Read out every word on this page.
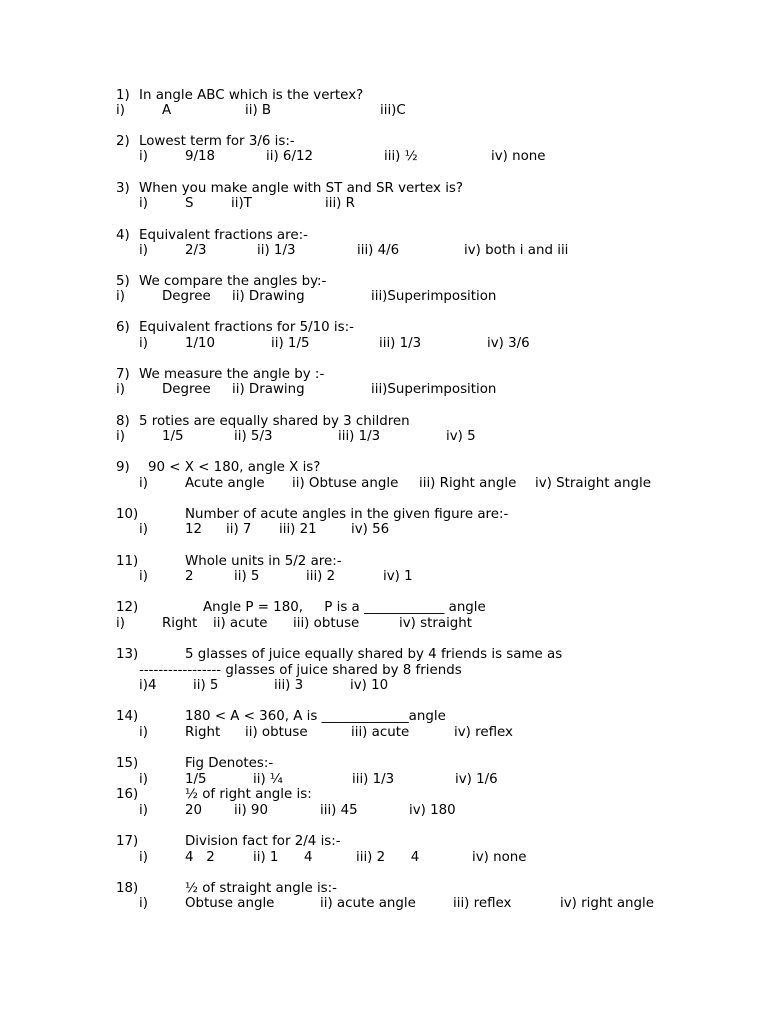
1) In angle ABC which is the vertex?
i)	A	ii) B	iii)C
2) Lowest term for 3/6 is:-
i)	9/18	ii) 6/12	iii) ½	iv) none
3) When you make angle with ST and SR vertex is?
i)	S	ii)T	iii) R
4) Equivalent fractions are:-
i)	2/3	ii) 1/3	iii) 4/6	iv) both i and iii
5) We compare the angles by:-
i)	Degree ii) Drawing	iii)Superimposition
6) Equivalent fractions for 5/10 is:-
i)	1/10	ii) 1/5	iii) 1/3	iv) 3/6
7) We measure the angle by :-
i)	Degree ii) Drawing	iii)Superimposition
8) 5 roties are equally shared by 3 children
i)	1/5	ii) 5/3	iii) 1/3	iv) 5
9) 90 < X < 180, angle X is?
i)	Acute angle ii) Obtuse angle iii) Right angle iv) Straight angle
10)	Number of acute angles in the given figure are:-
i)	12 ii) 7 iii) 21	iv) 56
11)	Whole units in 5/2 are:-
i)	2	ii) 5	iii) 2	iv) 1
12)	Angle P = 180,     P is a ____________ angle
i)	Right ii) acute iii) obtuse	iv) straight
13)	5 glasses of juice equally shared by 4 friends is same as
----------------- glasses of juice shared by 8 friends
i)4	ii) 5	iii) 3	iv) 10
14)	180 < A < 360, A is _____________angle
i)	Right ii) obtuse	iii) acute	iv) reflex
15)	Fig Denotes:-
i)	1/5	ii) ¼	iii) 1/3	iv) 1/6
16)	½ of right angle is:
i)	20 ii) 90	iii) 45	iv) 180
17)	Division fact for 2/4 is:-
i)	4   2	ii) 1      4	iii) 2      4	iv) none
18)	½ of straight angle is:-
i)	Obtuse angle	ii) acute angle	iii) reflex	iv) right angle
